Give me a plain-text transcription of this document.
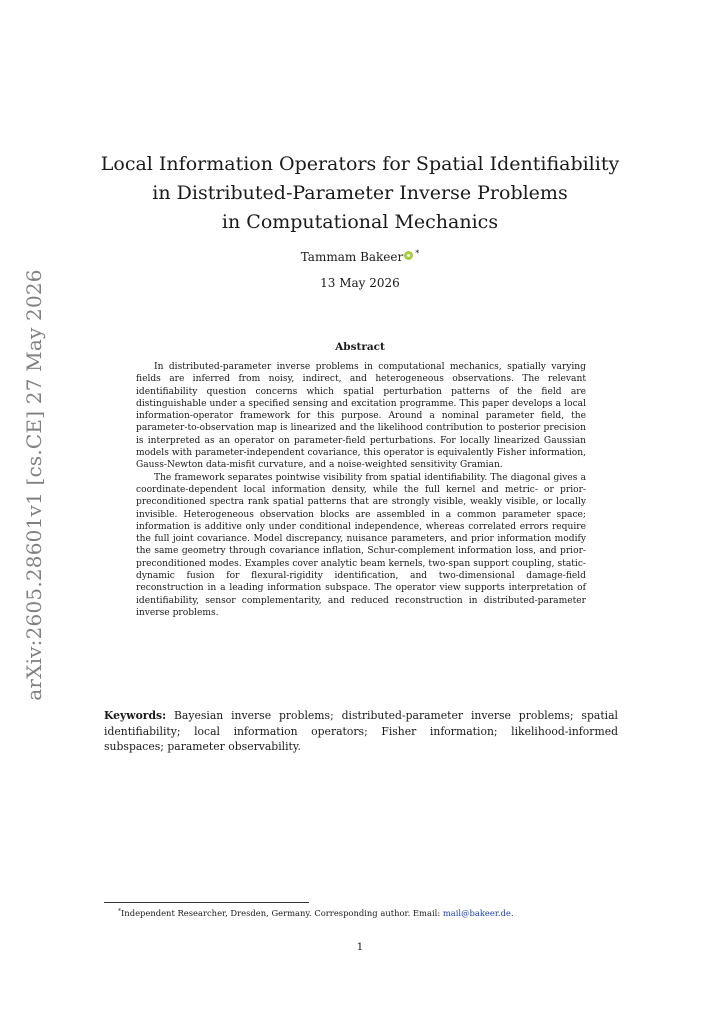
arXiv:2605.28601v1 [cs.CE] 27 May 2026
Local Information Operators for Spatial Identifiability
in Distributed-Parameter Inverse Problems
in Computational Mechanics
Tammam Bakeer *
13 May 2026
Abstract

In distributed-parameter inverse problems in computational mechanics, spatially varying fields are inferred from noisy, indirect, and heterogeneous observations. The relevant identifiability question concerns which spatial perturbation patterns of the field are distinguishable under a specified sensing and excitation programme. This paper develops a local information-operator framework for this purpose. Around a nominal parameter field, the parameter-to-observation map is linearized and the likelihood contribution to posterior precision is interpreted as an operator on parameter-field perturbations. For locally linearized Gaussian models with parameter-independent covariance, this operator is equivalently Fisher information, Gauss-Newton data-misfit curvature, and a noise-weighted sensitivity Gramian.

The framework separates pointwise visibility from spatial identifiability. The diagonal gives a coordinate-dependent local information density, while the full kernel and metric- or prior-preconditioned spectra rank spatial patterns that are strongly visible, weakly visible, or locally invisible. Heterogeneous observation blocks are assembled in a common parameter space; information is additive only under conditional independence, whereas correlated errors require the full joint covariance. Model discrepancy, nuisance parameters, and prior information modify the same geometry through covariance inflation, Schur-complement information loss, and prior-preconditioned modes. Examples cover analytic beam kernels, two-span support coupling, static-dynamic fusion for flexural-rigidity identification, and two-dimensional damage-field reconstruction in a leading information subspace. The operator view supports interpretation of identifiability, sensor complementarity, and reduced reconstruction in distributed-parameter inverse problems.

Keywords: Bayesian inverse problems; distributed-parameter inverse problems; spatial identifiability; local information operators; Fisher information; likelihood-informed subspaces; parameter observability.
*Independent Researcher, Dresden, Germany. Corresponding author. Email: mail@bakeer.de.
1
